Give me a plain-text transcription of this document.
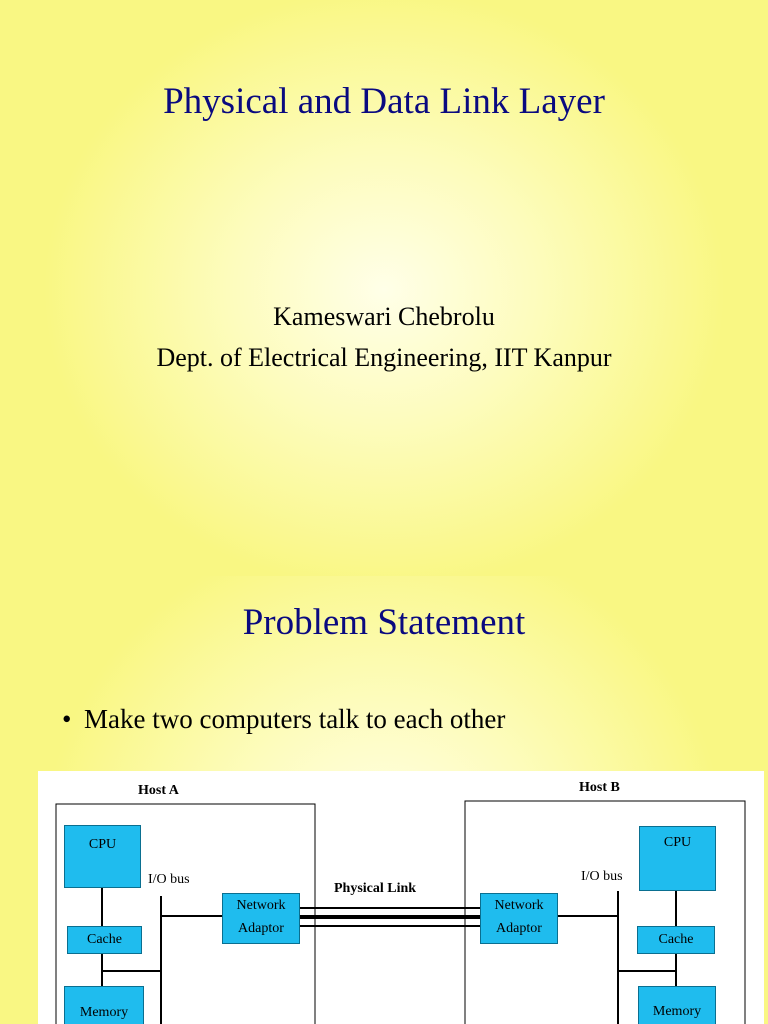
Physical and Data Link Layer
Kameswari Chebrolu
Dept. of Electrical Engineering, IIT Kanpur
Problem Statement
• Make two computers talk to each other
Host A	Host B
I/O bus	I/O bus
Physical Link
CPU
Cache
Memory
Network
Adaptor
Network
Adaptor
CPU
Cache
Memory
